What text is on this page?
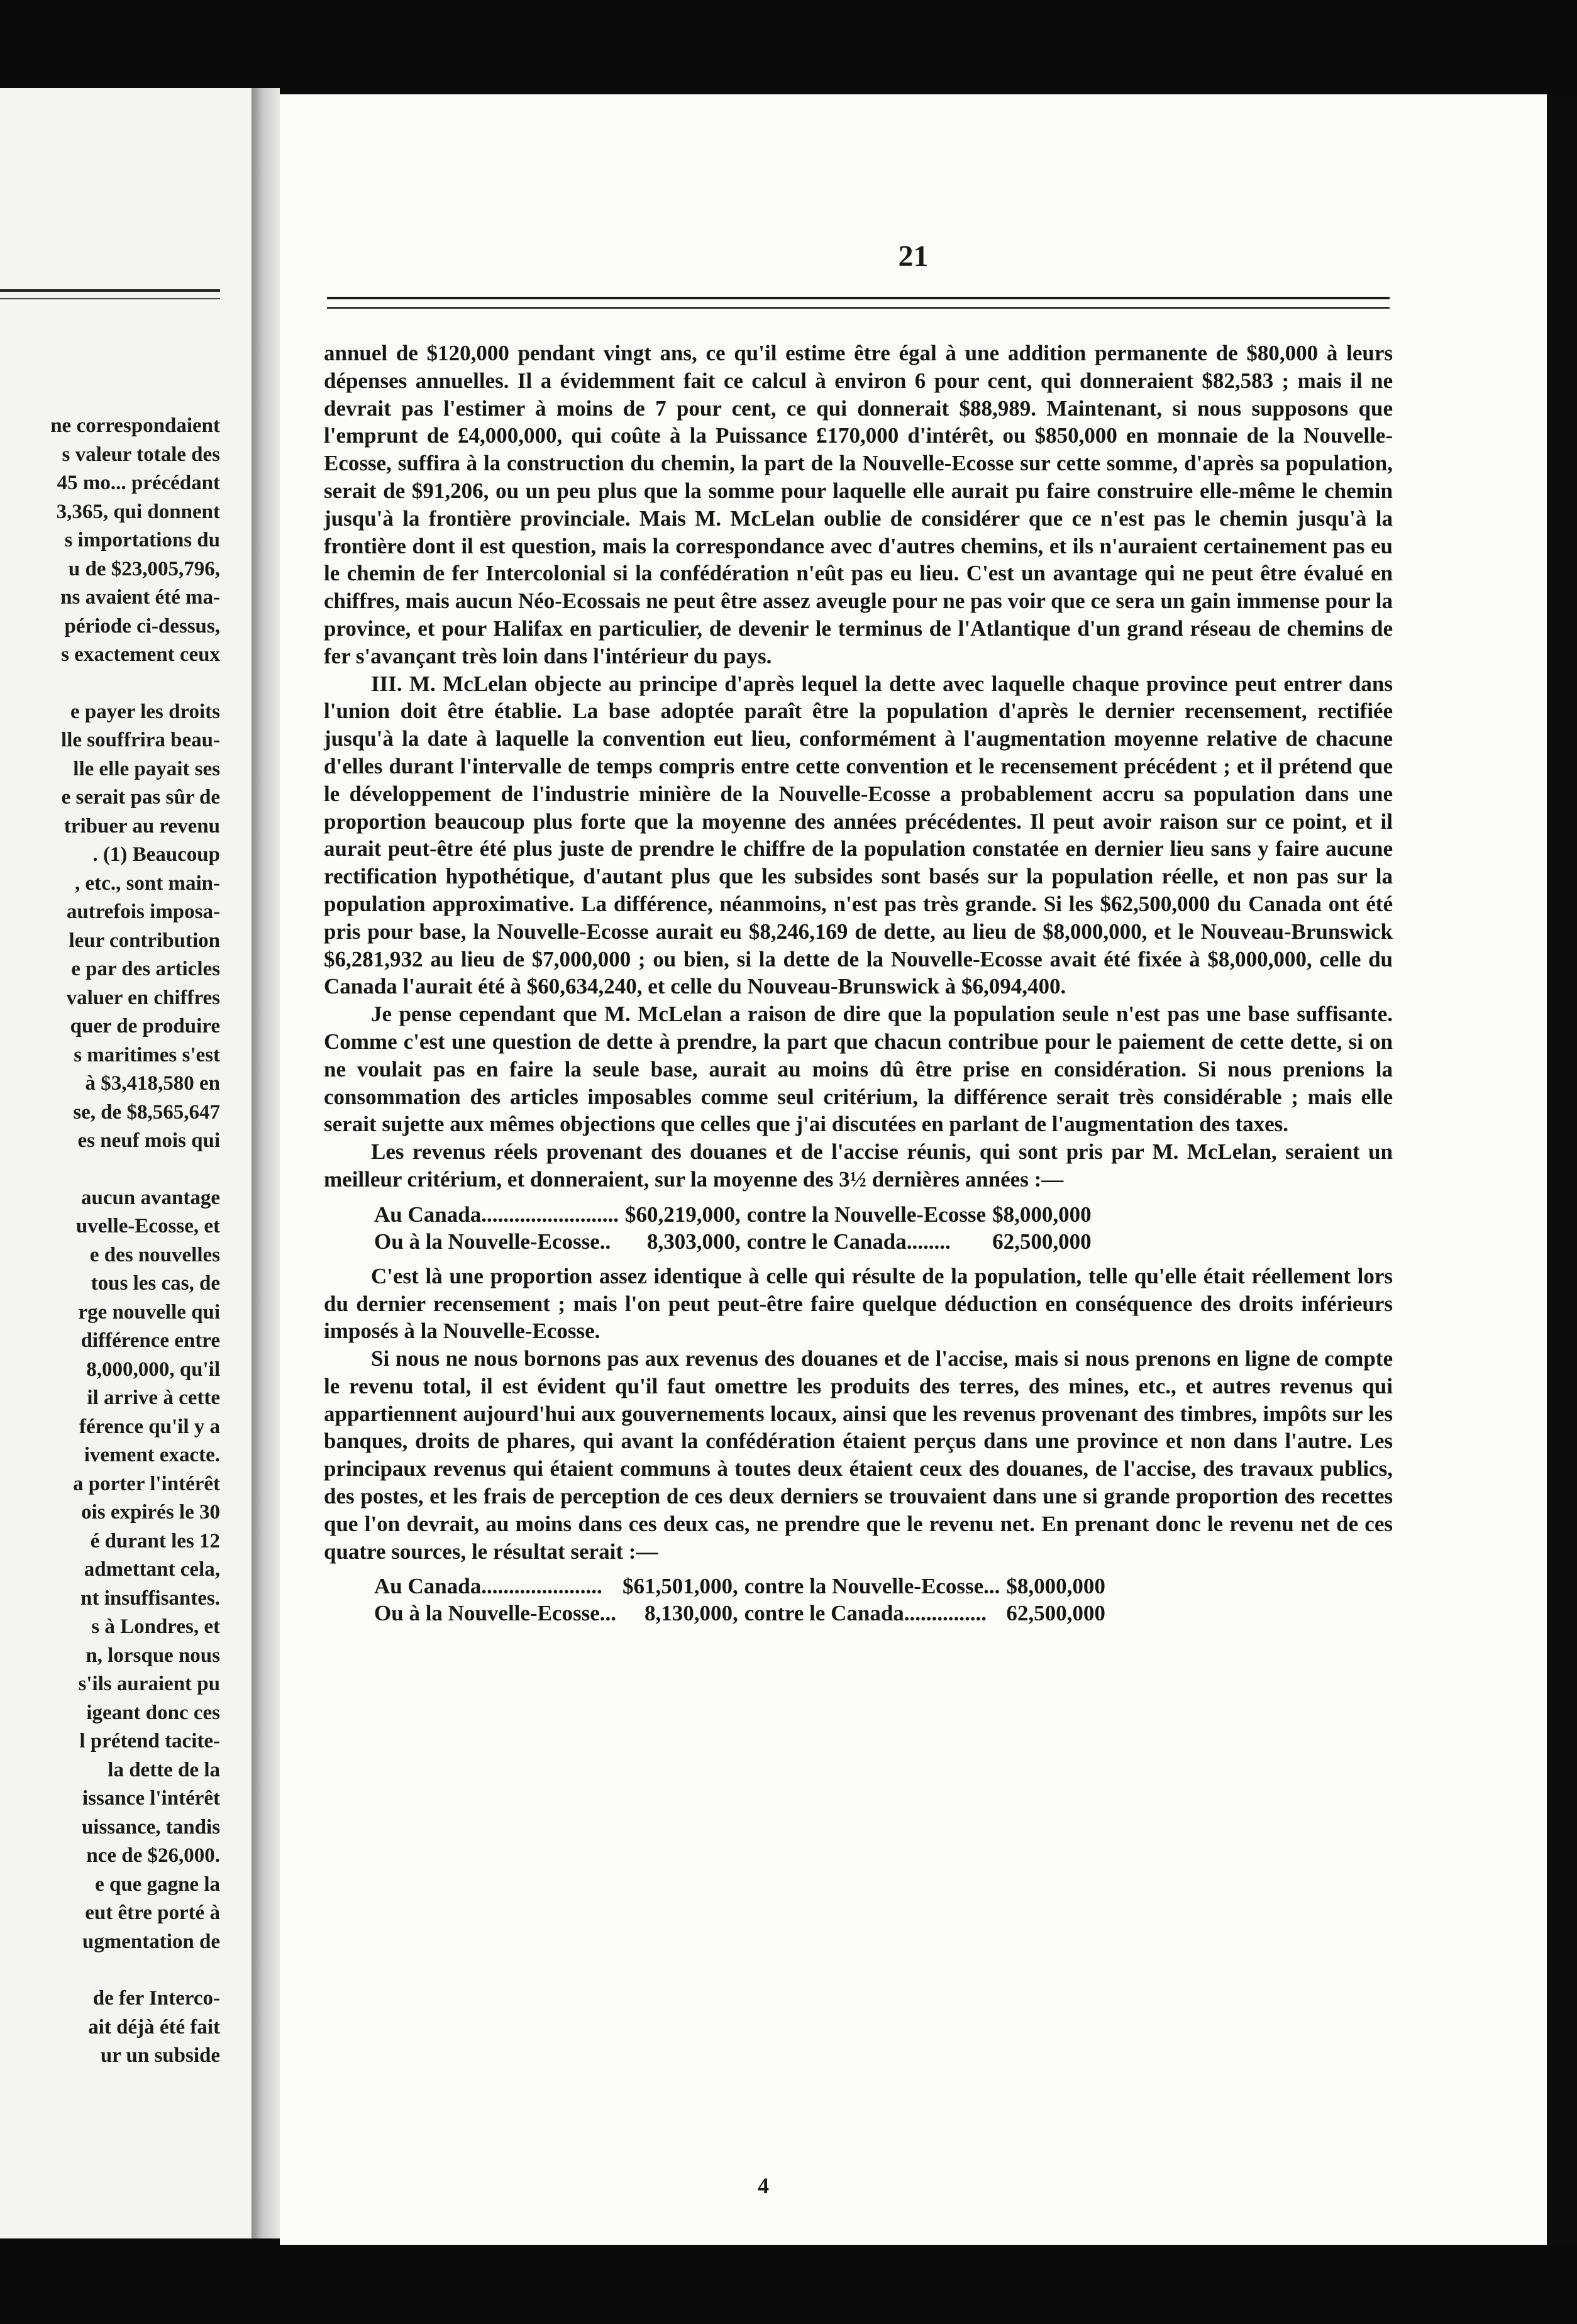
ne correspondaient
s valeur totale des
45 mo... précédant
3,365, qui donnent
s importations du
u de $23,005,796,
ns avaient été ma-
période ci-dessus,
s exactement ceux
e payer les droits
lle souffrira beau-
lle elle payait ses
e serait pas sûr de
tribuer au revenu
. (1) Beaucoup
, etc., sont main-
autrefois imposa-
leur contribution
e par des articles
valuer en chiffres
quer de produire
s maritimes s'est
à $3,418,580 en
se, de $8,565,647
es neuf mois qui
aucun avantage
uvelle-Ecosse, et
e des nouvelles
tous les cas, de
rge nouvelle qui
différence entre
8,000,000, qu'il
il arrive à cette
férence qu'il y a
ivement exacte.
a porter l'intérêt
ois expirés le 30
é durant les 12
admettant cela,
nt insuffisantes.
s à Londres, et
n, lorsque nous
s'ils auraient pu
igeant donc ces
l prétend tacite-
la dette de la
issance l'intérêt
uissance, tandis
nce de $26,000.
e que gagne la
eut être porté à
ugmentation de
de fer Interco-
ait déjà été fait
ur un subside
21

annuel de $120,000 pendant vingt ans, ce qu'il estime être égal à une addition permanente de $80,000 à leurs dépenses annuelles. Il a évidemment fait ce calcul à environ 6 pour cent, qui donneraient $82,583 ; mais il ne devrait pas l'estimer à moins de 7 pour cent, ce qui donnerait $88,989. Maintenant, si nous supposons que l'emprunt de £4,000,000, qui coûte à la Puissance £170,000 d'intérêt, ou $850,000 en monnaie de la Nouvelle-Ecosse, suffira à la construction du chemin, la part de la Nouvelle-Ecosse sur cette somme, d'après sa population, serait de $91,206, ou un peu plus que la somme pour laquelle elle aurait pu faire construire elle-même le chemin jusqu'à la frontière provinciale. Mais M. McLelan oublie de considérer que ce n'est pas le chemin jusqu'à la frontière dont il est question, mais la correspondance avec d'autres chemins, et ils n'auraient certainement pas eu le chemin de fer Intercolonial si la confédération n'eût pas eu lieu. C'est un avantage qui ne peut être évalué en chiffres, mais aucun Néo-Ecossais ne peut être assez aveugle pour ne pas voir que ce sera un gain immense pour la province, et pour Halifax en particulier, de devenir le terminus de l'Atlantique d'un grand réseau de chemins de fer s'avançant très loin dans l'intérieur du pays.

III. M. McLelan objecte au principe d'après lequel la dette avec laquelle chaque province peut entrer dans l'union doit être établie. La base adoptée paraît être la population d'après le dernier recensement, rectifiée jusqu'à la date à laquelle la convention eut lieu, conformément à l'augmentation moyenne relative de chacune d'elles durant l'intervalle de temps compris entre cette convention et le recensement précédent ; et il prétend que le développement de l'industrie minière de la Nouvelle-Ecosse a probablement accru sa population dans une proportion beaucoup plus forte que la moyenne des années précédentes. Il peut avoir raison sur ce point, et il aurait peut-être été plus juste de prendre le chiffre de la population constatée en dernier lieu sans y faire aucune rectification hypothétique, d'autant plus que les subsides sont basés sur la population réelle, et non pas sur la population approximative. La différence, néanmoins, n'est pas très grande. Si les $62,500,000 du Canada ont été pris pour base, la Nouvelle-Ecosse aurait eu $8,246,169 de dette, au lieu de $8,000,000, et le Nouveau-Brunswick $6,281,932 au lieu de $7,000,000 ; ou bien, si la dette de la Nouvelle-Ecosse avait été fixée à $8,000,000, celle du Canada l'aurait été à $60,634,240, et celle du Nouveau-Brunswick à $6,094,400.

Je pense cependant que M. McLelan a raison de dire que la population seule n'est pas une base suffisante. Comme c'est une question de dette à prendre, la part que chacun contribue pour le paiement de cette dette, si on ne voulait pas en faire la seule base, aurait au moins dû être prise en considération. Si nous prenions la consommation des articles imposables comme seul critérium, la différence serait très considérable ; mais elle serait sujette aux mêmes objections que celles que j'ai discutées en parlant de l'augmentation des taxes.

Les revenus réels provenant des douanes et de l'accise réunis, qui sont pris par M. McLelan, seraient un meilleur critérium, et donneraient, sur la moyenne des 3½ dernières années :—

Au Canada.........................	$60,219,000,	contre la Nouvelle-Ecosse	$8,000,000
Ou à la Nouvelle-Ecosse..	8,303,000,	contre le Canada........	62,500,000

C'est là une proportion assez identique à celle qui résulte de la population, telle qu'elle était réellement lors du dernier recensement ; mais l'on peut peut-être faire quelque déduction en conséquence des droits inférieurs imposés à la Nouvelle-Ecosse.

Si nous ne nous bornons pas aux revenus des douanes et de l'accise, mais si nous prenons en ligne de compte le revenu total, il est évident qu'il faut omettre les produits des terres, des mines, etc., et autres revenus qui appartiennent aujourd'hui aux gouvernements locaux, ainsi que les revenus provenant des timbres, impôts sur les banques, droits de phares, qui avant la confédération étaient perçus dans une province et non dans l'autre. Les principaux revenus qui étaient communs à toutes deux étaient ceux des douanes, de l'accise, des travaux publics, des postes, et les frais de perception de ces deux derniers se trouvaient dans une si grande proportion des recettes que l'on devrait, au moins dans ces deux cas, ne prendre que le revenu net. En prenant donc le revenu net de ces quatre sources, le résultat serait :—

Au Canada......................	$61,501,000,	contre la Nouvelle-Ecosse...	$8,000,000
Ou à la Nouvelle-Ecosse...	8,130,000,	contre le Canada...............	62,500,000
4
